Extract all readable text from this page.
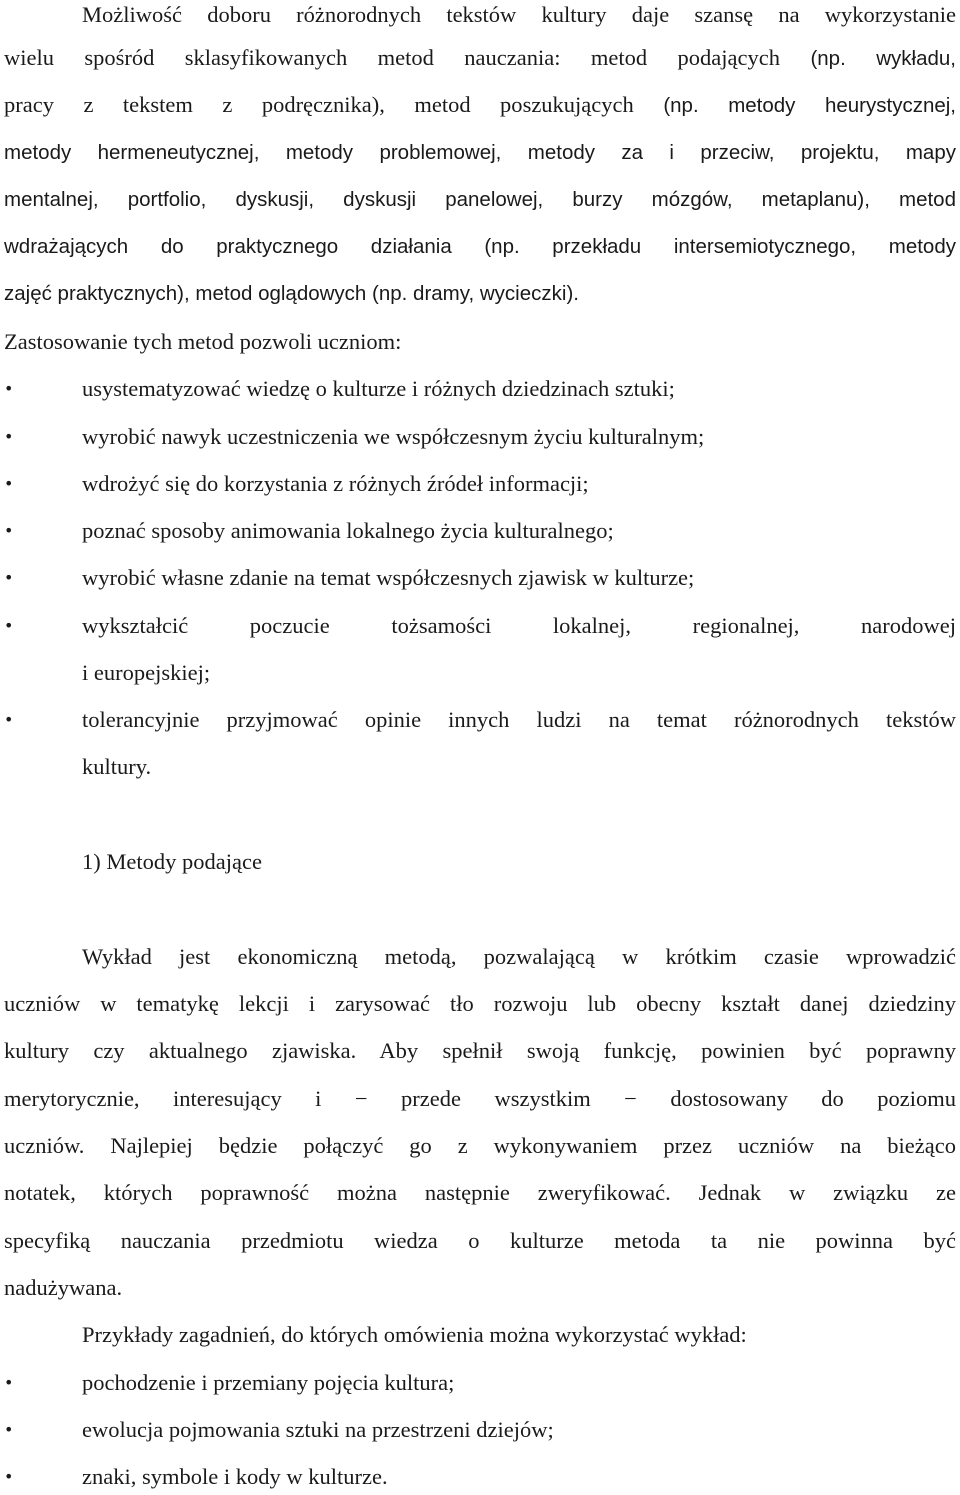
Możliwość doboru różnorodnych tekstów kultury daje szansę na wykorzystanie
wielu spośród sklasyfikowanych metod nauczania: metod podających (np. wykładu,
pracy z tekstem z podręcznika), metod poszukujących (np. metody heurystycznej,
metody hermeneutycznej, metody problemowej, metody za i przeciw, projektu, mapy
mentalnej, portfolio, dyskusji, dyskusji panelowej, burzy mózgów, metaplanu), metod
wdrażających do praktycznego działania (np. przekładu intersemiotycznego, metody
zajęć praktycznych), metod oglądowych (np. dramy, wycieczki).
Zastosowanie tych metod pozwoli uczniom:
•	usystematyzować wiedzę o kulturze i różnych dziedzinach sztuki;
•	wyrobić nawyk uczestniczenia we współczesnym życiu kulturalnym;
•	wdrożyć się do korzystania z różnych źródeł informacji;
•	poznać sposoby animowania lokalnego życia kulturalnego;
•	wyrobić własne zdanie na temat współczesnych zjawisk w kulturze;
•	wykształcić poczucie tożsamości lokalnej, regionalnej, narodowej
i europejskiej;
•	tolerancyjnie przyjmować opinie innych ludzi na temat różnorodnych tekstów
kultury.
1) Metody podające
Wykład jest ekonomiczną metodą, pozwalającą w krótkim czasie wprowadzić
uczniów w tematykę lekcji i zarysować tło rozwoju lub obecny kształt danej dziedziny
kultury czy aktualnego zjawiska. Aby spełnił swoją funkcję, powinien być poprawny
merytorycznie, interesujący i − przede wszystkim − dostosowany do poziomu
uczniów. Najlepiej będzie połączyć go z wykonywaniem przez uczniów na bieżąco
notatek, których poprawność można następnie zweryfikować. Jednak w związku ze
specyfiką nauczania przedmiotu wiedza o kulturze metoda ta nie powinna być
nadużywana.
Przykłady zagadnień, do których omówienia można wykorzystać wykład:
•	pochodzenie i przemiany pojęcia kultura;
•	ewolucja pojmowania sztuki na przestrzeni dziejów;
•	znaki, symbole i kody w kulturze.
